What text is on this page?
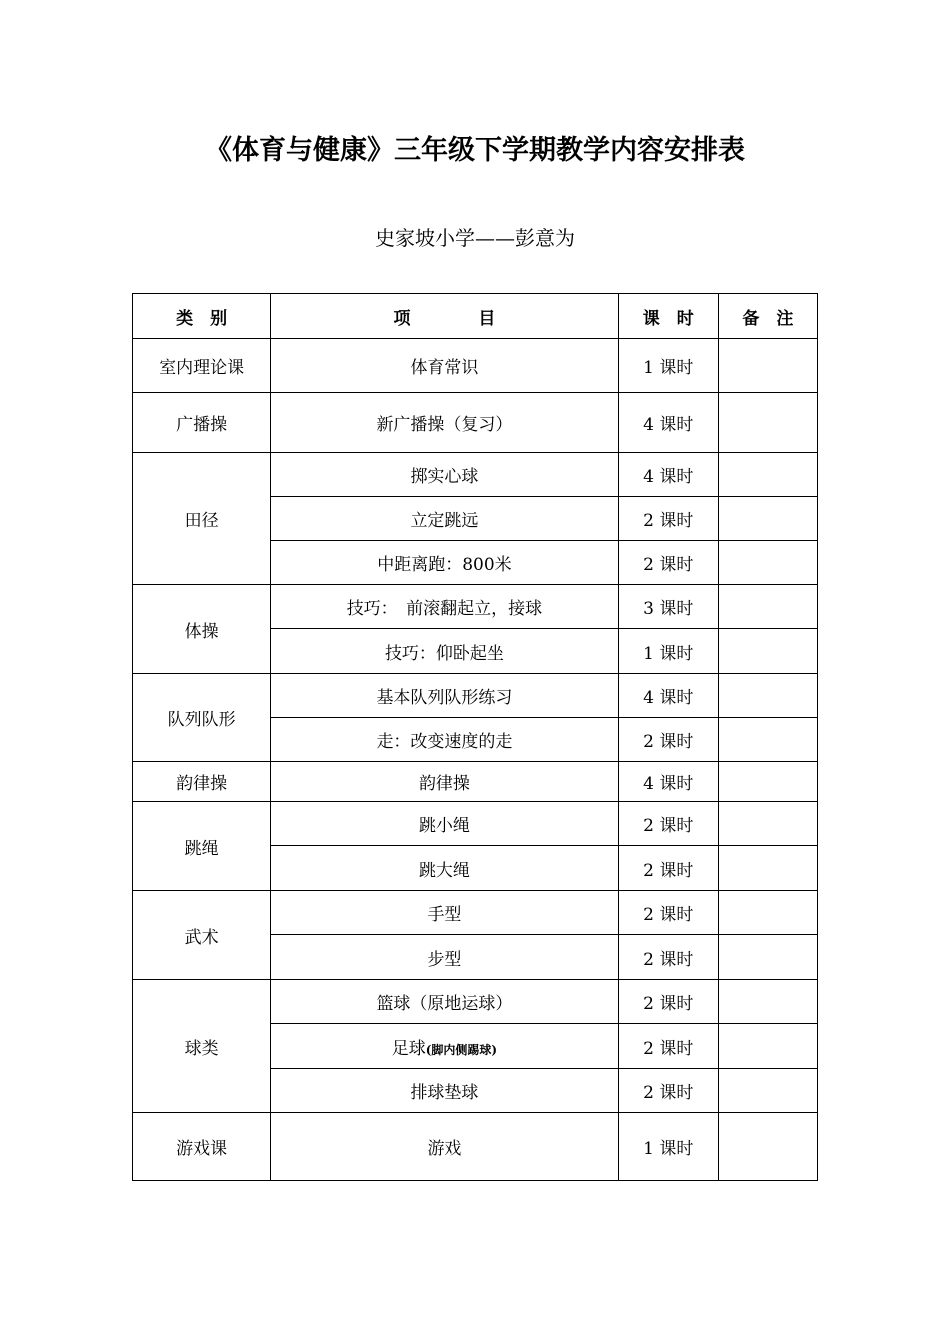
《体育与健康》三年级下学期教学内容安排表
史家坡小学——彭意为
类　别	项　　　　目	课　时	备　注
室内理论课	体育常识	1 课时	
广播操	新广播操（复习）	4 课时	
田径	掷实心球	4 课时	
	立定跳远	2 课时	
	中距离跑：800米	2 课时	
体操	技巧：　前滚翻起立，接球	3 课时	
	技巧：仰卧起坐	1 课时	
队列队形	基本队列队形练习	4 课时	
	走：改变速度的走	2 课时	
韵律操	韵律操	4 课时	
跳绳	跳小绳	2 课时	
	跳大绳	2 课时	
武术	手型	2 课时	
	步型	2 课时	
球类	篮球（原地运球）	2 课时	
	足球(脚内侧踢球)	2 课时	
	排球垫球	2 课时	
游戏课	游戏	1 课时	
